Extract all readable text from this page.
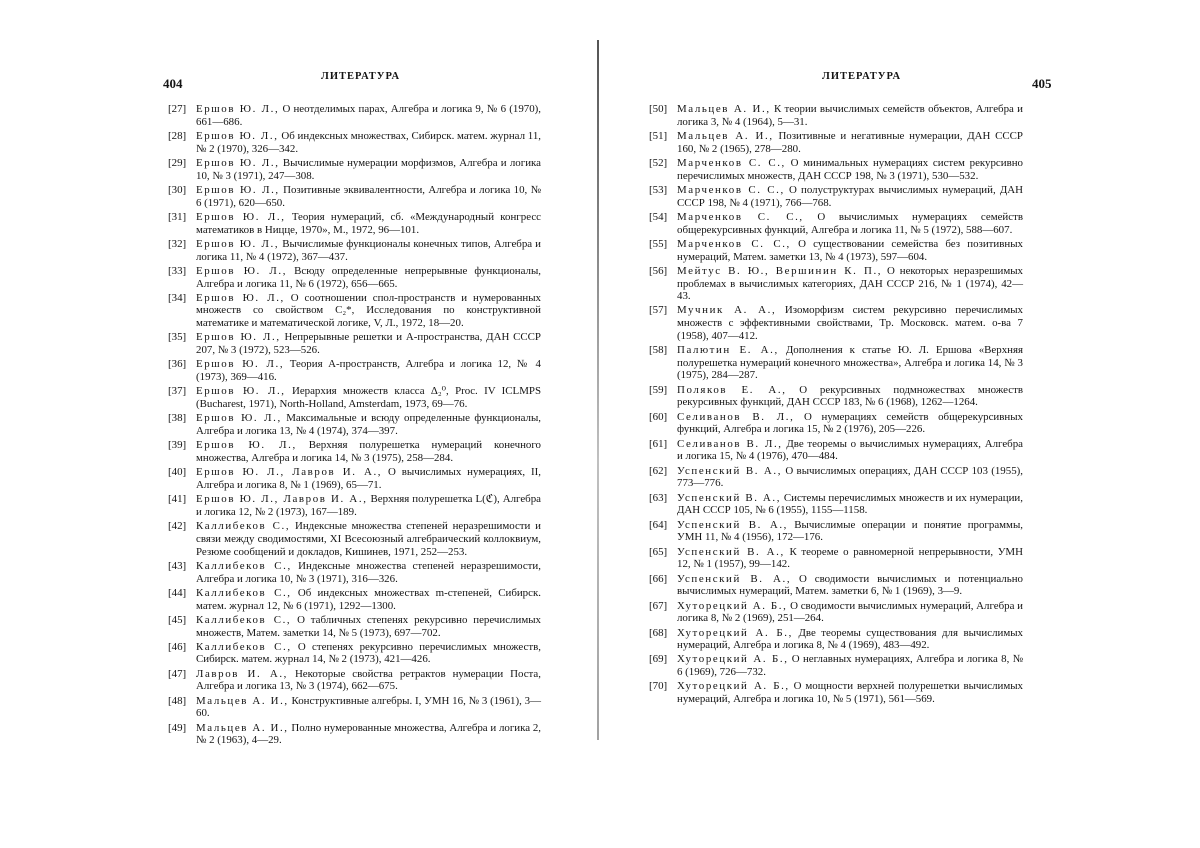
404	ЛИТЕРАТУРА
[27] Ершов Ю. Л., О неотделимых парах, Алгебра и логика 9, № 6 (1970), 661—686.
[28] Ершов Ю. Л., Об индексных множествах, Сибирск. матем. журнал 11, № 2 (1970), 326—342.
[29] Ершов Ю. Л., Вычислимые нумерации морфизмов, Алгебра и логика 10, № 3 (1971), 247—308.
[30] Ершов Ю. Л., Позитивные эквивалентности, Алгебра и логика 10, № 6 (1971), 620—650.
[31] Ершов Ю. Л., Теория нумераций, сб. «Международный конгресс математиков в Ницце, 1970», М., 1972, 96—101.
[32] Ершов Ю. Л., Вычислимые функционалы конечных типов, Алгебра и логика 11, № 4 (1972), 367—437.
[33] Ершов Ю. Л., Всюду определенные непрерывные функционалы, Алгебра и логика 11, № 6 (1972), 656—665.
[34] Ершов Ю. Л., О соотношении спол-пространств и нумерованных множеств со свойством C₂*, Исследования по конструктивной математике и математической логике, V, Л., 1972, 18—20.
[35] Ершов Ю. Л., Непрерывные решетки и A-пространства, ДАН СССР 207, № 3 (1972), 523—526.
[36] Ершов Ю. Л., Теория A-пространств, Алгебра и логика 12, № 4 (1973), 369—416.
[37] Ершов Ю. Л., Иерархия множеств класса Δ₂⁰, Proc. IV ICLMPS (Bucharest, 1971), North-Holland, Amsterdam, 1973, 69—76.
[38] Ершов Ю. Л., Максимальные и всюду определенные функционалы, Алгебра и логика 13, № 4 (1974), 374—397.
[39] Ершов Ю. Л., Верхняя полурешетка нумераций конечного множества, Алгебра и логика 14, № 3 (1975), 258—284.
[40] Ершов Ю. Л., Лавров И. А., О вычислимых нумерациях, II, Алгебра и логика 8, № 1 (1969), 65—71.
[41] Ершов Ю. Л., Лавров И. А., Верхняя полурешетка L(ℭ), Алгебра и логика 12, № 2 (1973), 167—189.
[42] Каллибеков С., Индексные множества степеней неразрешимости и связи между сводимостями, XI Всесоюзный алгебраический коллоквиум, Резюме сообщений и докладов, Кишинев, 1971, 252—253.
[43] Каллибеков С., Индексные множества степеней неразрешимости, Алгебра и логика 10, № 3 (1971), 316—326.
[44] Каллибеков С., Об индексных множествах m-степеней, Сибирск. матем. журнал 12, № 6 (1971), 1292—1300.
[45] Каллибеков С., О табличных степенях рекурсивно перечислимых множеств, Матем. заметки 14, № 5 (1973), 697—702.
[46] Каллибеков С., О степенях рекурсивно перечислимых множеств, Сибирск. матем. журнал 14, № 2 (1973), 421—426.
[47] Лавров И. А., Некоторые свойства ретрактов нумерации Поста, Алгебра и логика 13, № 3 (1974), 662—675.
[48] Мальцев А. И., Конструктивные алгебры. I, УМН 16, № 3 (1961), 3—60.
[49] Мальцев А. И., Полно нумерованные множества, Алгебра и логика 2, № 2 (1963), 4—29.
405
ЛИТЕРАТУРА
[50] Мальцев А. И., К теории вычислимых семейств объектов, Алгебра и логика 3, № 4 (1964), 5—31.
[51] Мальцев А. И., Позитивные и негативные нумерации, ДАН СССР 160, № 2 (1965), 278—280.
[52] Марченков С. С., О минимальных нумерациях систем рекурсивно перечислимых множеств, ДАН СССР 198, № 3 (1971), 530—532.
[53] Марченков С. С., О полуструктурах вычислимых нумераций, ДАН СССР 198, № 4 (1971), 766—768.
[54] Марченков С. С., О вычислимых нумерациях семейств общерекурсивных функций, Алгебра и логика 11, № 5 (1972), 588—607.
[55] Марченков С. С., О существовании семейства без позитивных нумераций, Матем. заметки 13, № 4 (1973), 597—604.
[56] Мейтус В. Ю., Вершинин К. П., О некоторых неразрешимых проблемах в вычислимых категориях, ДАН СССР 216, № 1 (1974), 42—43.
[57] Мучник А. А., Изоморфизм систем рекурсивно перечислимых множеств с эффективными свойствами, Тр. Московск. матем. о-ва 7 (1958), 407—412.
[58] Палютин Е. А., Дополнения к статье Ю. Л. Ершова «Верхняя полурешетка нумераций конечного множества», Алгебра и логика 14, № 3 (1975), 284—287.
[59] Поляков Е. А., О рекурсивных подмножествах множеств рекурсивных функций, ДАН СССР 183, № 6 (1968), 1262—1264.
[60] Селиванов В. Л., О нумерациях семейств общерекурсивных функций, Алгебра и логика 15, № 2 (1976), 205—226.
[61] Селиванов В. Л., Две теоремы о вычислимых нумерациях, Алгебра и логика 15, № 4 (1976), 470—484.
[62] Успенский В. А., О вычислимых операциях, ДАН СССР 103 (1955), 773—776.
[63] Успенский В. А., Системы перечислимых множеств и их нумерации, ДАН СССР 105, № 6 (1955), 1155—1158.
[64] Успенский В. А., Вычислимые операции и понятие программы, УМН 11, № 4 (1956), 172—176.
[65] Успенский В. А., К теореме о равномерной непрерывности, УМН 12, № 1 (1957), 99—142.
[66] Успенский В. А., О сводимости вычислимых и потенциально вычислимых нумераций, Матем. заметки 6, № 1 (1969), 3—9.
[67] Хуторецкий А. Б., О сводимости вычислимых нумераций, Алгебра и логика 8, № 2 (1969), 251—264.
[68] Хуторецкий А. Б., Две теоремы существования для вычислимых нумераций, Алгебра и логика 8, № 4 (1969), 483—492.
[69] Хуторецкий А. Б., О неглавных нумерациях, Алгебра и логика 8, № 6 (1969), 726—732.
[70] Хуторецкий А. Б., О мощности верхней полурешетки вычислимых нумераций, Алгебра и логика 10, № 5 (1971), 561—569.
